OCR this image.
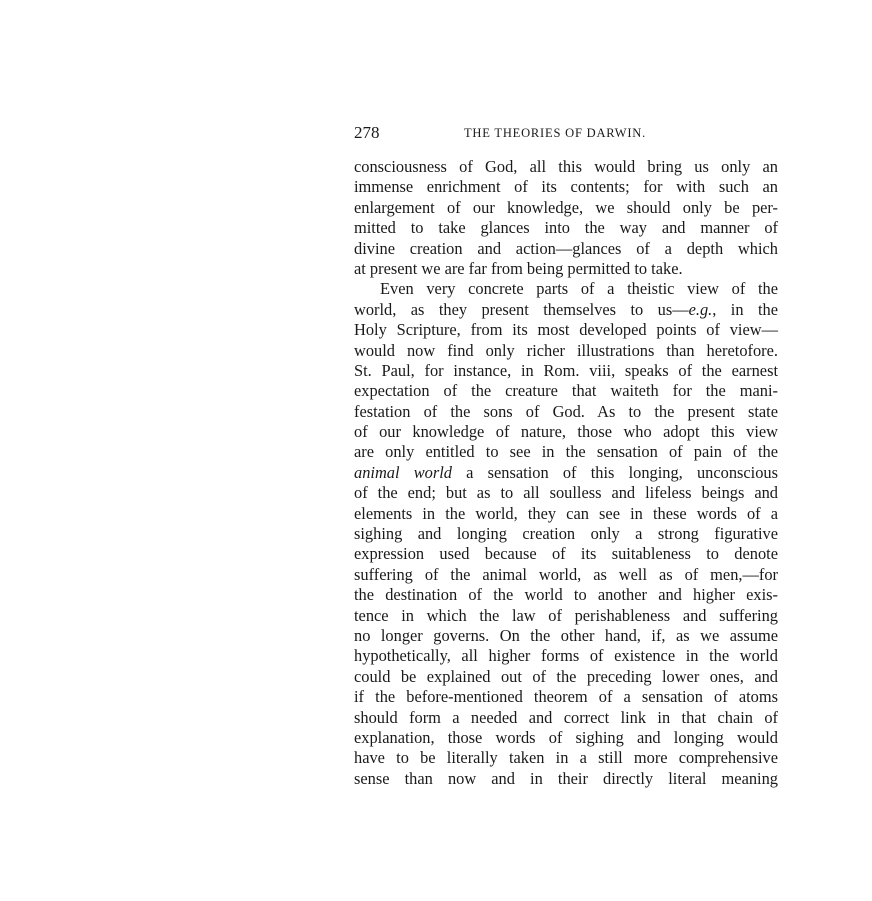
278	THE THEORIES OF DARWIN.
consciousness of God, all this would bring us only an
immense enrichment of its contents; for with such an
enlargement of our knowledge, we should only be per-
mitted to take glances into the way and manner of
divine creation and action—glances of a depth which
at present we are far from being permitted to take.
Even very concrete parts of a theistic view of the
world, as they present themselves to us—e.g., in the
Holy Scripture, from its most developed points of view—
would now find only richer illustrations than heretofore.
St. Paul, for instance, in Rom. viii, speaks of the earnest
expectation of the creature that waiteth for the mani-
festation of the sons of God. As to the present state
of our knowledge of nature, those who adopt this view
are only entitled to see in the sensation of pain of the
animal world a sensation of this longing, unconscious
of the end; but as to all soulless and lifeless beings and
elements in the world, they can see in these words of a
sighing and longing creation only a strong figurative
expression used because of its suitableness to denote
suffering of the animal world, as well as of men,—for
the destination of the world to another and higher exis-
tence in which the law of perishableness and suffering
no longer governs. On the other hand, if, as we assume
hypothetically, all higher forms of existence in the world
could be explained out of the preceding lower ones, and
if the before-mentioned theorem of a sensation of atoms
should form a needed and correct link in that chain of
explanation, those words of sighing and longing would
have to be literally taken in a still more comprehensive
sense than now and in their directly literal meaning
